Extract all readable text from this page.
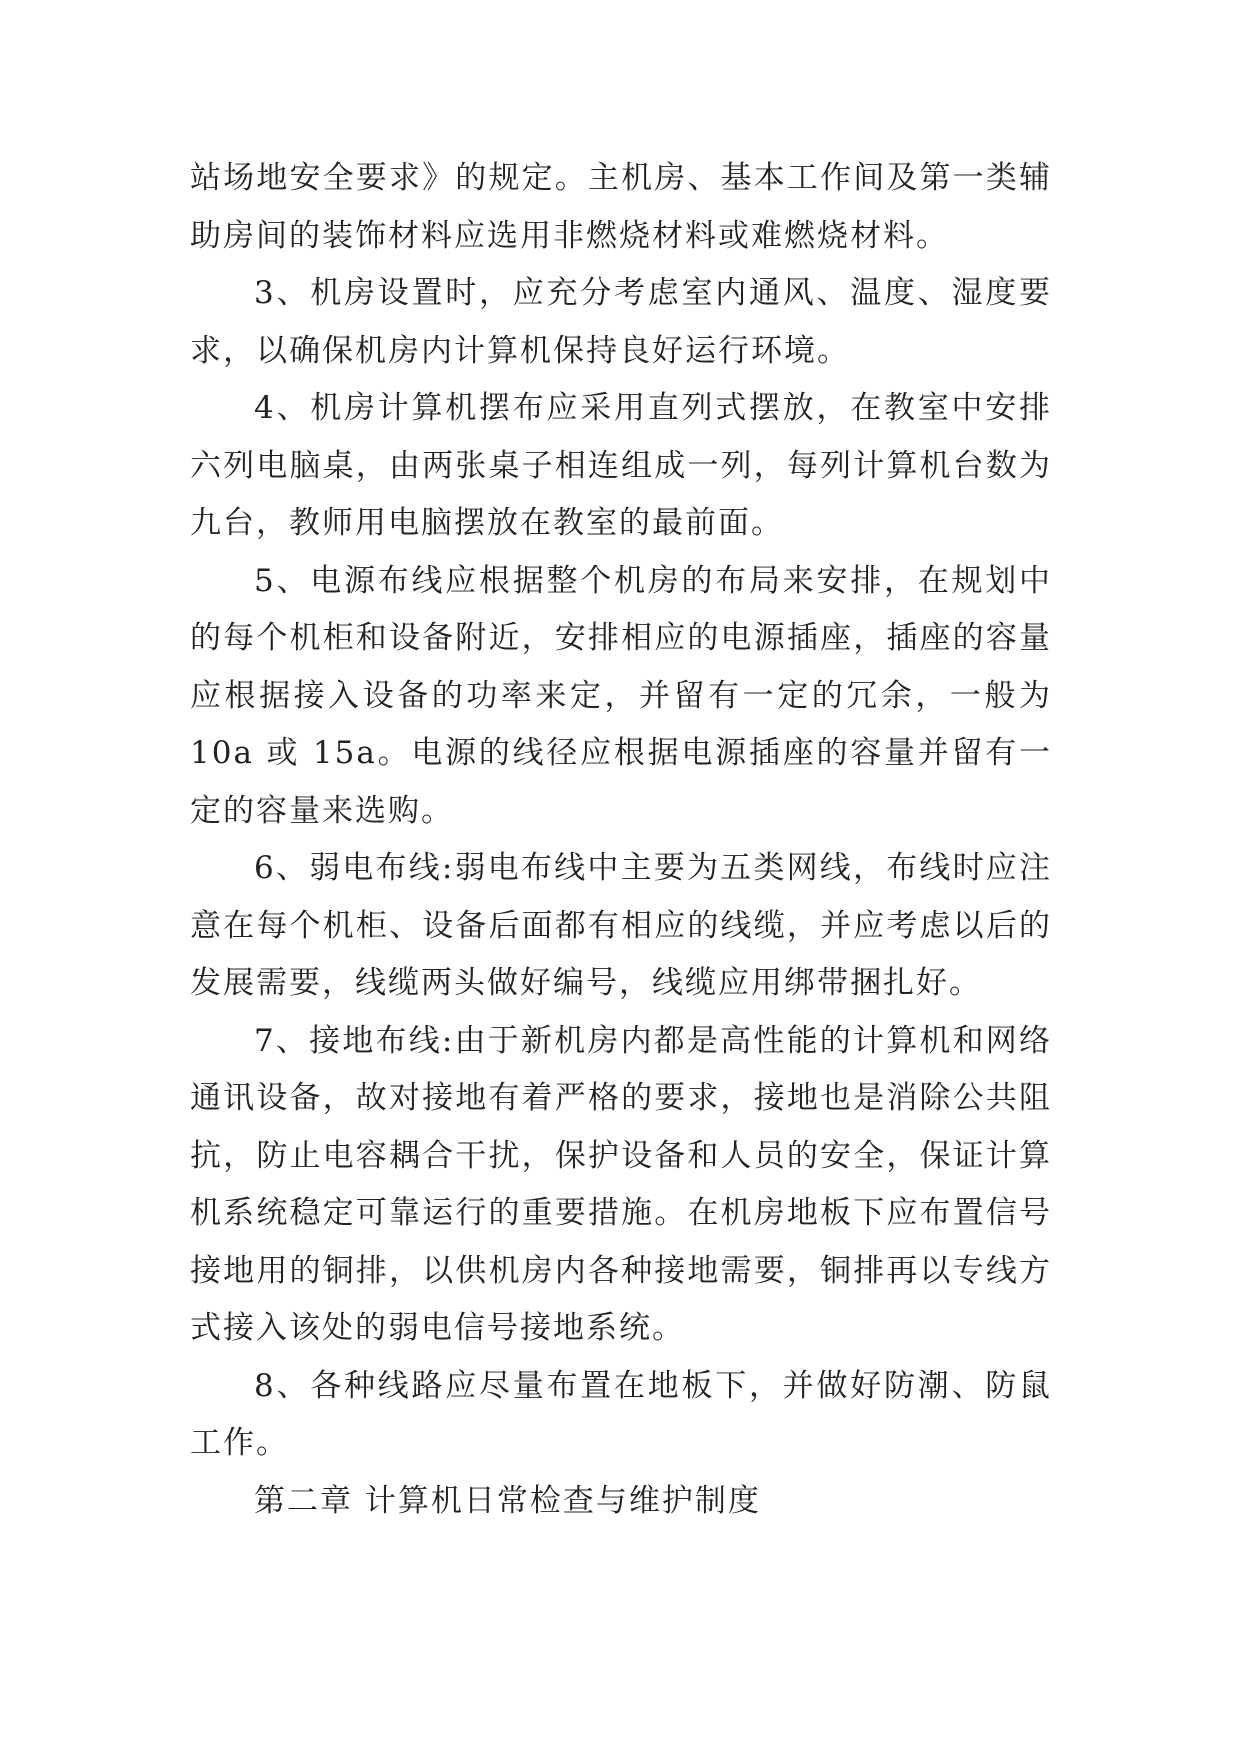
站场地安全要求》的规定。主机房、基本工作间及第一类辅助房间的装饰材料应选用非燃烧材料或难燃烧材料。

3、机房设置时，应充分考虑室内通风、温度、湿度要求，以确保机房内计算机保持良好运行环境。

4、机房计算机摆布应采用直列式摆放，在教室中安排六列电脑桌，由两张桌子相连组成一列，每列计算机台数为九台，教师用电脑摆放在教室的最前面。

5、电源布线应根据整个机房的布局来安排，在规划中的每个机柜和设备附近，安排相应的电源插座，插座的容量应根据接入设备的功率来定，并留有一定的冗余，一般为 10a 或 15a。电源的线径应根据电源插座的容量并留有一定的容量来选购。

6、弱电布线:弱电布线中主要为五类网线，布线时应注意在每个机柜、设备后面都有相应的线缆，并应考虑以后的发展需要，线缆两头做好编号，线缆应用绑带捆扎好。

7、接地布线:由于新机房内都是高性能的计算机和网络通讯设备，故对接地有着严格的要求，接地也是消除公共阻抗，防止电容耦合干扰，保护设备和人员的安全，保证计算机系统稳定可靠运行的重要措施。在机房地板下应布置信号接地用的铜排，以供机房内各种接地需要，铜排再以专线方式接入该处的弱电信号接地系统。

8、各种线路应尽量布置在地板下，并做好防潮、防鼠工作。

第二章 计算机日常检查与维护制度
